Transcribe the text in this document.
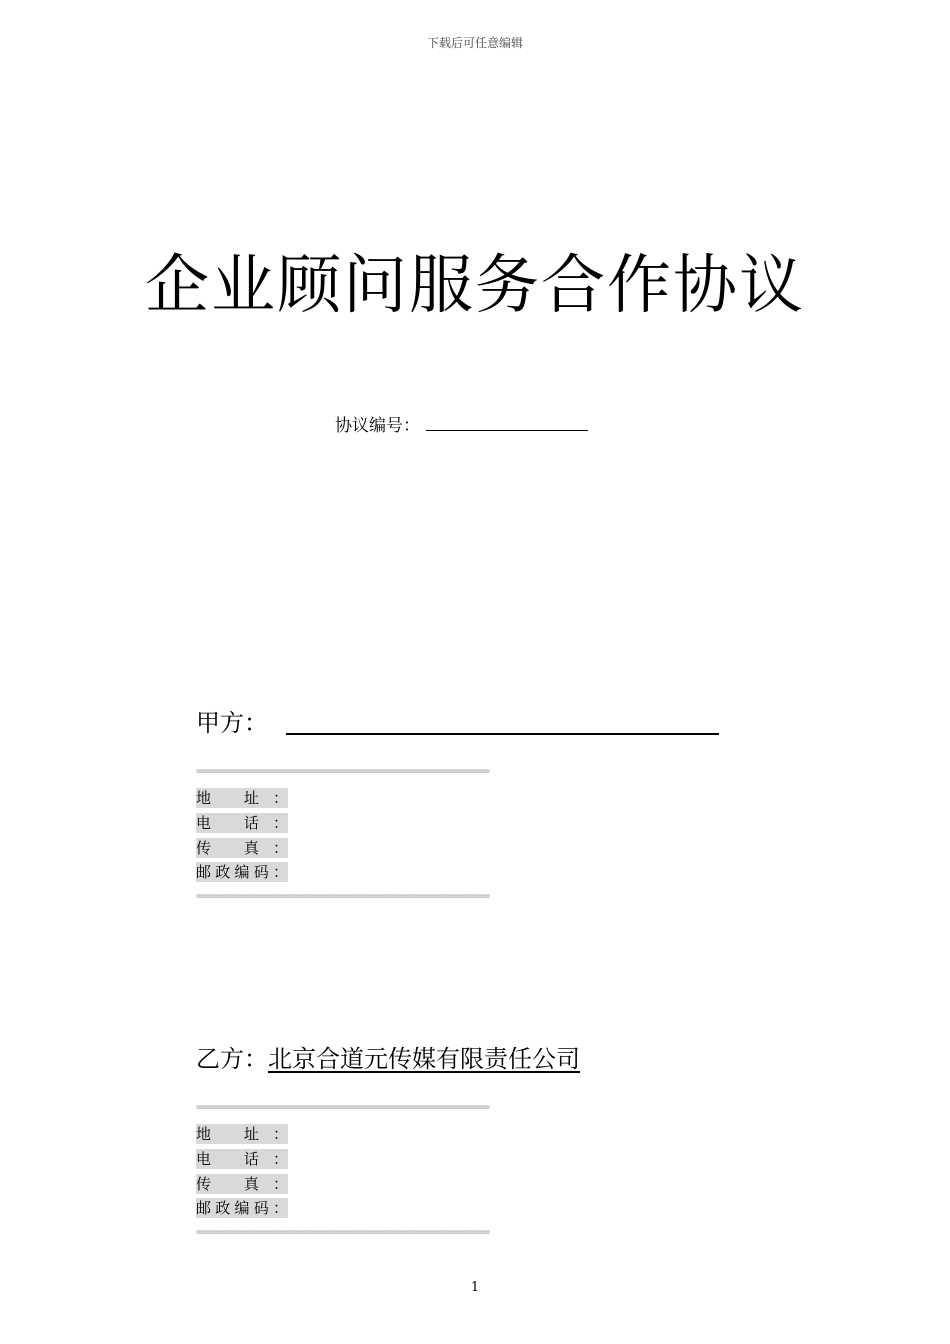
下载后可任意编辑
企业顾问服务合作协议
协议编号：
甲方：
==============================================================
地 址：
电 话：
传 真：
邮政编码：
==============================================================
乙方：北京合道元传媒有限责任公司
==============================================================
地 址：
电 话：
传 真：
邮政编码：
==============================================================
1
